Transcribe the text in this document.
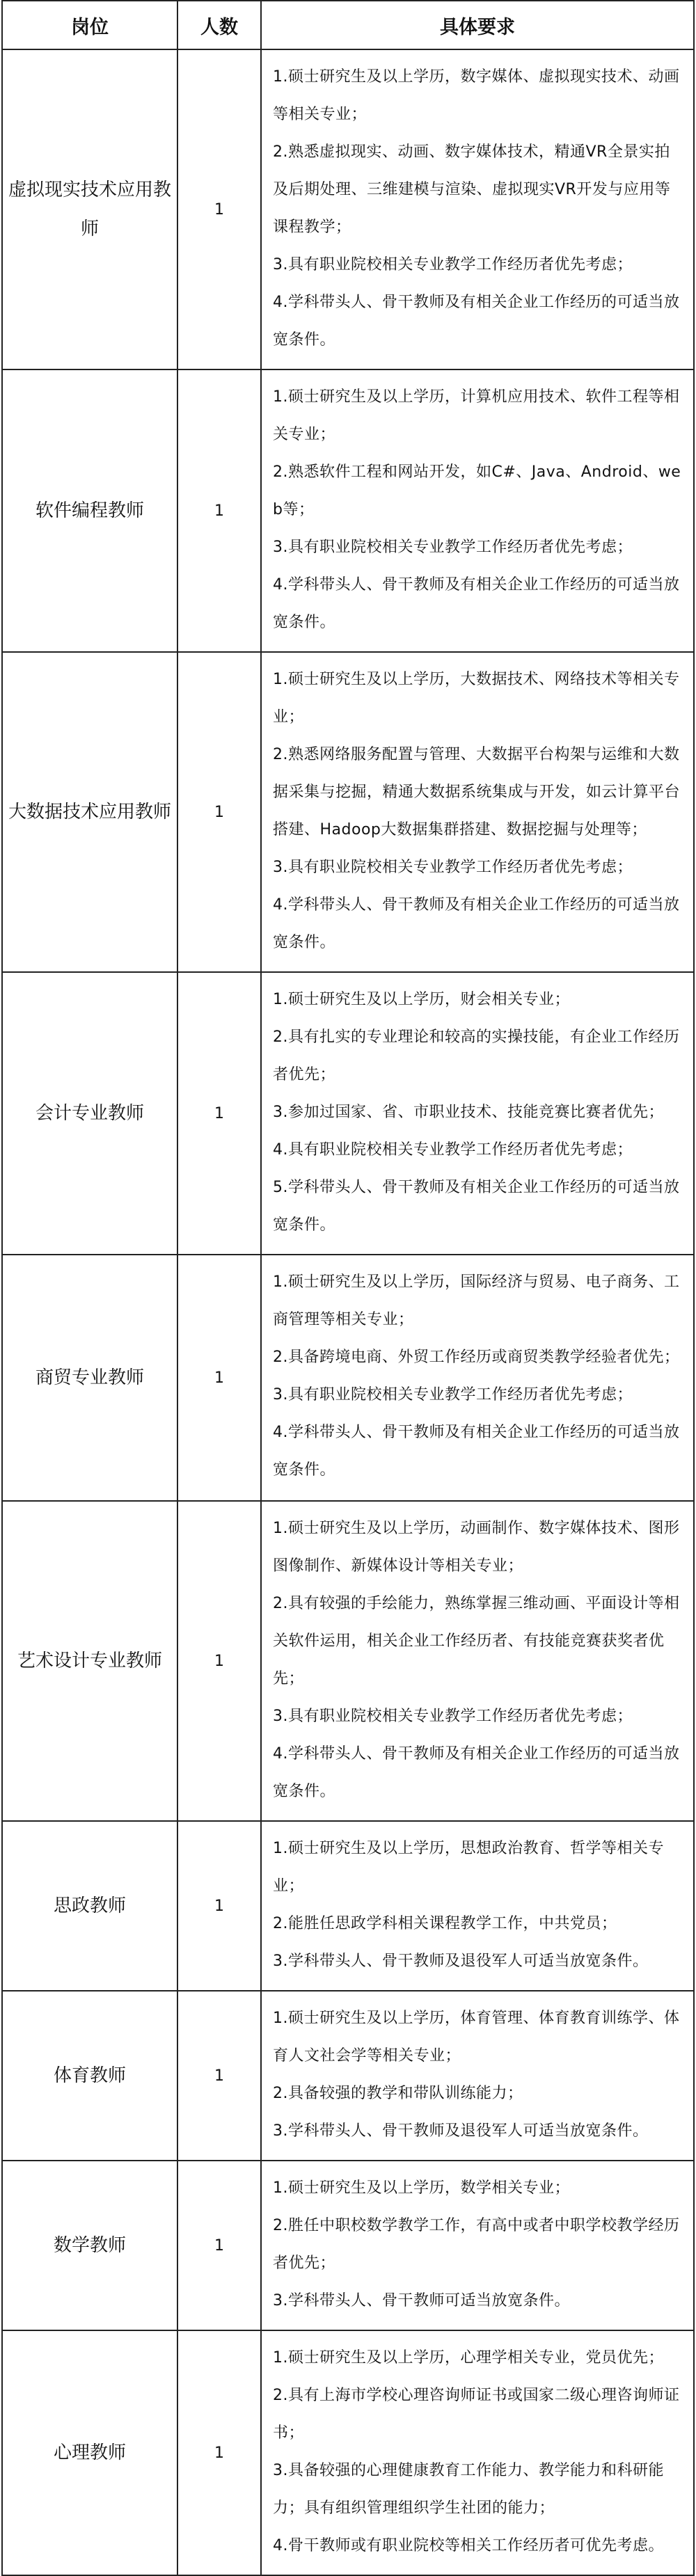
岗位	人数	具体要求
虚拟现实技术应用教师	1	1.硕士研究生及以上学历，数字媒体、虚拟现实技术、动画等相关专业；
2.熟悉虚拟现实、动画、数字媒体技术，精通VR全景实拍及后期处理、三维建模与渲染、虚拟现实VR开发与应用等课程教学；
3.具有职业院校相关专业教学工作经历者优先考虑；
4.学科带头人、骨干教师及有相关企业工作经历的可适当放宽条件。

软件编程教师	1	1.硕士研究生及以上学历，计算机应用技术、软件工程等相关专业；
2.熟悉软件工程和网站开发，如C#、Java、Android、web等；
3.具有职业院校相关专业教学工作经历者优先考虑；
4.学科带头人、骨干教师及有相关企业工作经历的可适当放宽条件。

大数据技术应用教师	1	1.硕士研究生及以上学历，大数据技术、网络技术等相关专业；
2.熟悉网络服务配置与管理、大数据平台构架与运维和大数据采集与挖掘，精通大数据系统集成与开发，如云计算平台搭建、Hadoop大数据集群搭建、数据挖掘与处理等；
3.具有职业院校相关专业教学工作经历者优先考虑；
4.学科带头人、骨干教师及有相关企业工作经历的可适当放宽条件。

会计专业教师	1	1.硕士研究生及以上学历，财会相关专业；
2.具有扎实的专业理论和较高的实操技能，有企业工作经历者优先；
3.参加过国家、省、市职业技术、技能竞赛比赛者优先；
4.具有职业院校相关专业教学工作经历者优先考虑；
5.学科带头人、骨干教师及有相关企业工作经历的可适当放宽条件。

商贸专业教师	1	1.硕士研究生及以上学历，国际经济与贸易、电子商务、工商管理等相关专业；
2.具备跨境电商、外贸工作经历或商贸类教学经验者优先；
3.具有职业院校相关专业教学工作经历者优先考虑；
4.学科带头人、骨干教师及有相关企业工作经历的可适当放宽条件。

艺术设计专业教师	1	1.硕士研究生及以上学历，动画制作、数字媒体技术、图形图像制作、新媒体设计等相关专业；
2.具有较强的手绘能力，熟练掌握三维动画、平面设计等相关软件运用，相关企业工作经历者、有技能竞赛获奖者优先；
3.具有职业院校相关专业教学工作经历者优先考虑；
4.学科带头人、骨干教师及有相关企业工作经历的可适当放宽条件。

思政教师	1	1.硕士研究生及以上学历，思想政治教育、哲学等相关专业；
2.能胜任思政学科相关课程教学工作，中共党员；
3.学科带头人、骨干教师及退役军人可适当放宽条件。

体育教师	1	1.硕士研究生及以上学历，体育管理、体育教育训练学、体育人文社会学等相关专业；
2.具备较强的教学和带队训练能力；
3.学科带头人、骨干教师及退役军人可适当放宽条件。

数学教师	1	1.硕士研究生及以上学历，数学相关专业；
2.胜任中职校数学教学工作，有高中或者中职学校教学经历者优先；
3.学科带头人、骨干教师可适当放宽条件。

心理教师	1	1.硕士研究生及以上学历，心理学相关专业，党员优先；
2.具有上海市学校心理咨询师证书或国家二级心理咨询师证书；
3.具备较强的心理健康教育工作能力、教学能力和科研能力；具有组织管理组织学生社团的能力；
4.骨干教师或有职业院校等相关工作经历者可优先考虑。
